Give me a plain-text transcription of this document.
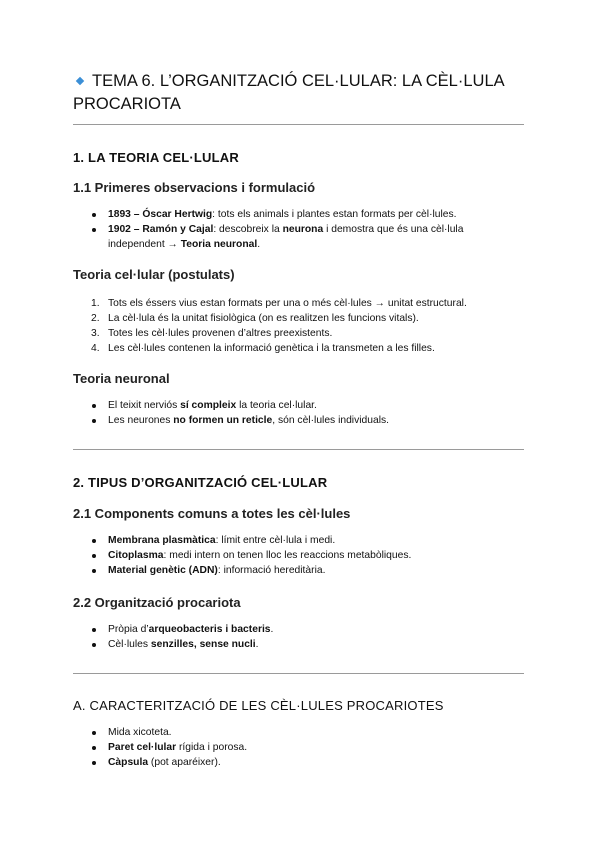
TEMA 6. L’ORGANITZACIÓ CEL·LULAR: LA CÈL·LULA PROCARIOTA
1. LA TEORIA CEL·LULAR
1.1 Primeres observacions i formulació
1893 – Óscar Hertwig: tots els animals i plantes estan formats per cèl·lules.
1902 – Ramón y Cajal: descobreix la neurona i demostra que és una cèl·lula independent → Teoria neuronal.
Teoria cel·lular (postulats)
1. Tots els éssers vius estan formats per una o més cèl·lules → unitat estructural.
2. La cèl·lula és la unitat fisiològica (on es realitzen les funcions vitals).
3. Totes les cèl·lules provenen d’altres preexistents.
4. Les cèl·lules contenen la informació genètica i la transmeten a les filles.
Teoria neuronal
El teixit nerviós sí compleix la teoria cel·lular.
Les neurones no formen un reticle, són cèl·lules individuals.
2. TIPUS D’ORGANITZACIÓ CEL·LULAR
2.1 Components comuns a totes les cèl·lules
Membrana plasmàtica: límit entre cèl·lula i medi.
Citoplasma: medi intern on tenen lloc les reaccions metabòliques.
Material genètic (ADN): informació hereditària.
2.2 Organització procariota
Pròpia d’arqueobacteris i bacteris.
Cèl·lules senzilles, sense nucli.
A. CARACTERITZACIÓ DE LES CÈL·LULES PROCARIOTES
Mida xicoteta.
Paret cel·lular rígida i porosa.
Càpsula (pot aparéixer).
